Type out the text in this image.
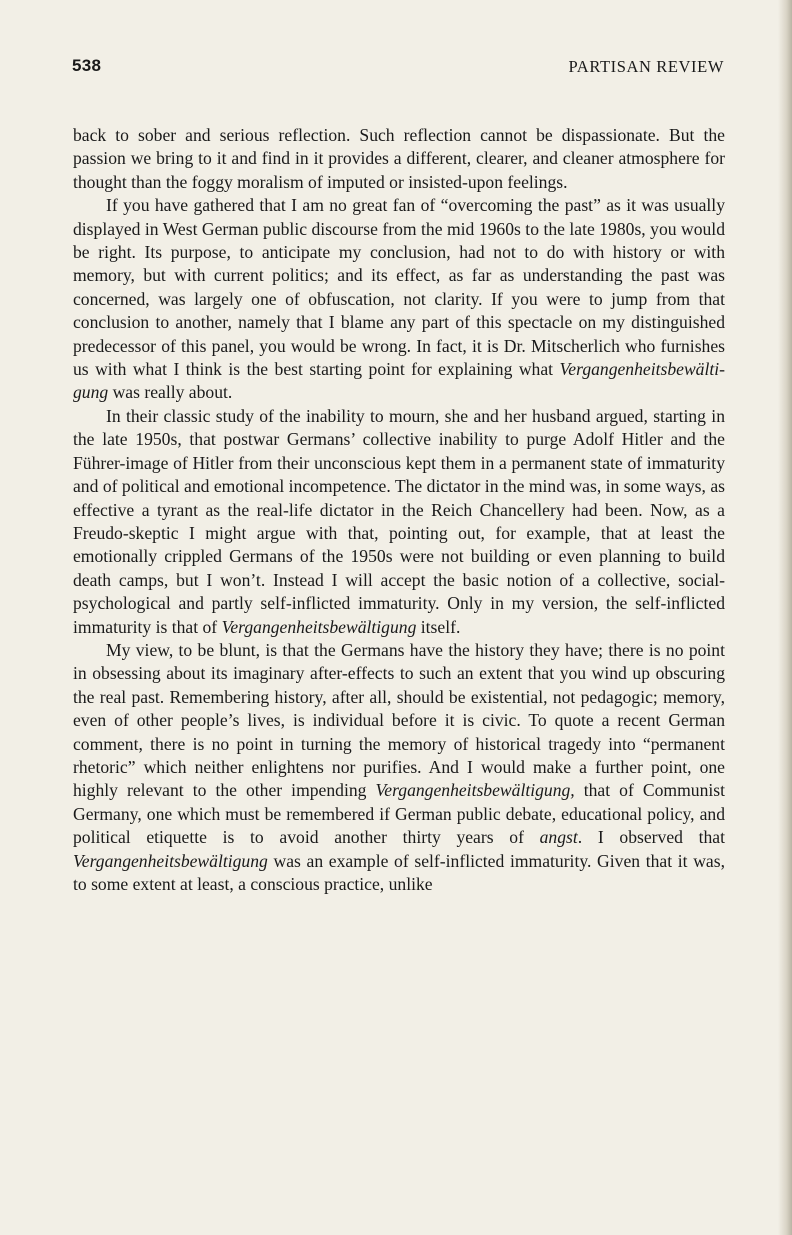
538	PARTISAN REVIEW

back to sober and serious reflection. Such reflection cannot be dispassionate. But the passion we bring to it and find in it provides a different, clearer, and cleaner atmosphere for thought than the foggy moralism of imputed or insisted-upon feelings.

If you have gathered that I am no great fan of “overcoming the past” as it was usually displayed in West German public discourse from the mid 1960s to the late 1980s, you would be right. Its purpose, to anticipate my conclusion, had not to do with history or with memory, but with current politics; and its effect, as far as understanding the past was concerned, was largely one of obfuscation, not clarity. If you were to jump from that conclusion to another, namely that I blame any part of this spectacle on my distinguished predecessor of this panel, you would be wrong. In fact, it is Dr. Mitscherlich who furnishes us with what I think is the best starting point for explaining what Vergangenheitsbewältigung was really about.

In their classic study of the inability to mourn, she and her husband argued, starting in the late 1950s, that postwar Germans’ collective inability to purge Adolf Hitler and the Führer-image of Hitler from their unconscious kept them in a permanent state of immaturity and of political and emotional incompetence. The dictator in the mind was, in some ways, as effective a tyrant as the real-life dictator in the Reich Chancellery had been. Now, as a Freudo-skeptic I might argue with that, pointing out, for example, that at least the emotionally crippled Germans of the 1950s were not building or even planning to build death camps, but I won’t. Instead I will accept the basic notion of a collective, social-psychological and partly self-inflicted immaturity. Only in my version, the self-inflicted immaturity is that of Vergangenheitsbewältigung itself.

My view, to be blunt, is that the Germans have the history they have; there is no point in obsessing about its imaginary after-effects to such an extent that you wind up obscuring the real past. Remembering history, after all, should be existential, not pedagogic; memory, even of other people’s lives, is individual before it is civic. To quote a recent German comment, there is no point in turning the memory of historical tragedy into “permanent rhetoric” which neither enlightens nor purifies. And I would make a further point, one highly relevant to the other impending Vergangenheitsbewältigung, that of Communist Germany, one which must be remembered if German public debate, educational policy, and political etiquette is to avoid another thirty years of angst. I observed that Vergangenheitsbewältigung was an example of self-inflicted immaturity. Given that it was, to some extent at least, a conscious practice, unlike
